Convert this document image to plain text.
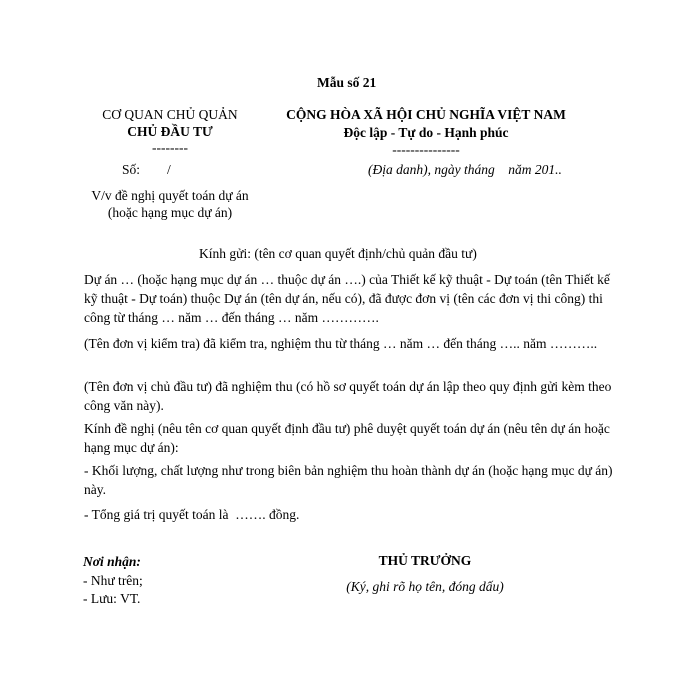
Mẫu số 21
CƠ QUAN CHỦ QUẢN
CHỦ ĐẦU TƯ
--------
Số:        /
V/v đề nghị quyết toán dự án
(hoặc hạng mục dự án)
CỘNG HÒA XÃ HỘI CHỦ NGHĨA VIỆT NAM
Độc lập - Tự do - Hạnh phúc
---------------
(Địa danh), ngày tháng    năm 201..
Kính gửi: (tên cơ quan quyết định/chủ quản đầu tư)
Dự án … (hoặc hạng mục dự án … thuộc dự án ….) của Thiết kế kỹ thuật - Dự toán (tên Thiết kế kỹ thuật - Dự toán) thuộc Dự án (tên dự án, nếu có), đã được đơn vị (tên các đơn vị thi công) thi công từ tháng … năm … đến tháng … năm ………….
(Tên đơn vị kiểm tra) đã kiểm tra, nghiệm thu từ tháng … năm … đến tháng ….. năm ………..
(Tên đơn vị chủ đầu tư) đã nghiệm thu (có hồ sơ quyết toán dự án lập theo quy định gửi kèm theo công văn này).
Kính đề nghị (nêu tên cơ quan quyết định đầu tư) phê duyệt quyết toán dự án (nêu tên dự án hoặc hạng mục dự án):
- Khối lượng, chất lượng như trong biên bản nghiệm thu hoàn thành dự án (hoặc hạng mục dự án) này.
- Tổng giá trị quyết toán là  ……. đồng.
Nơi nhận:
- Như trên;
- Lưu: VT.
THỦ TRƯỞNG
(Ký, ghi rõ họ tên, đóng dấu)
